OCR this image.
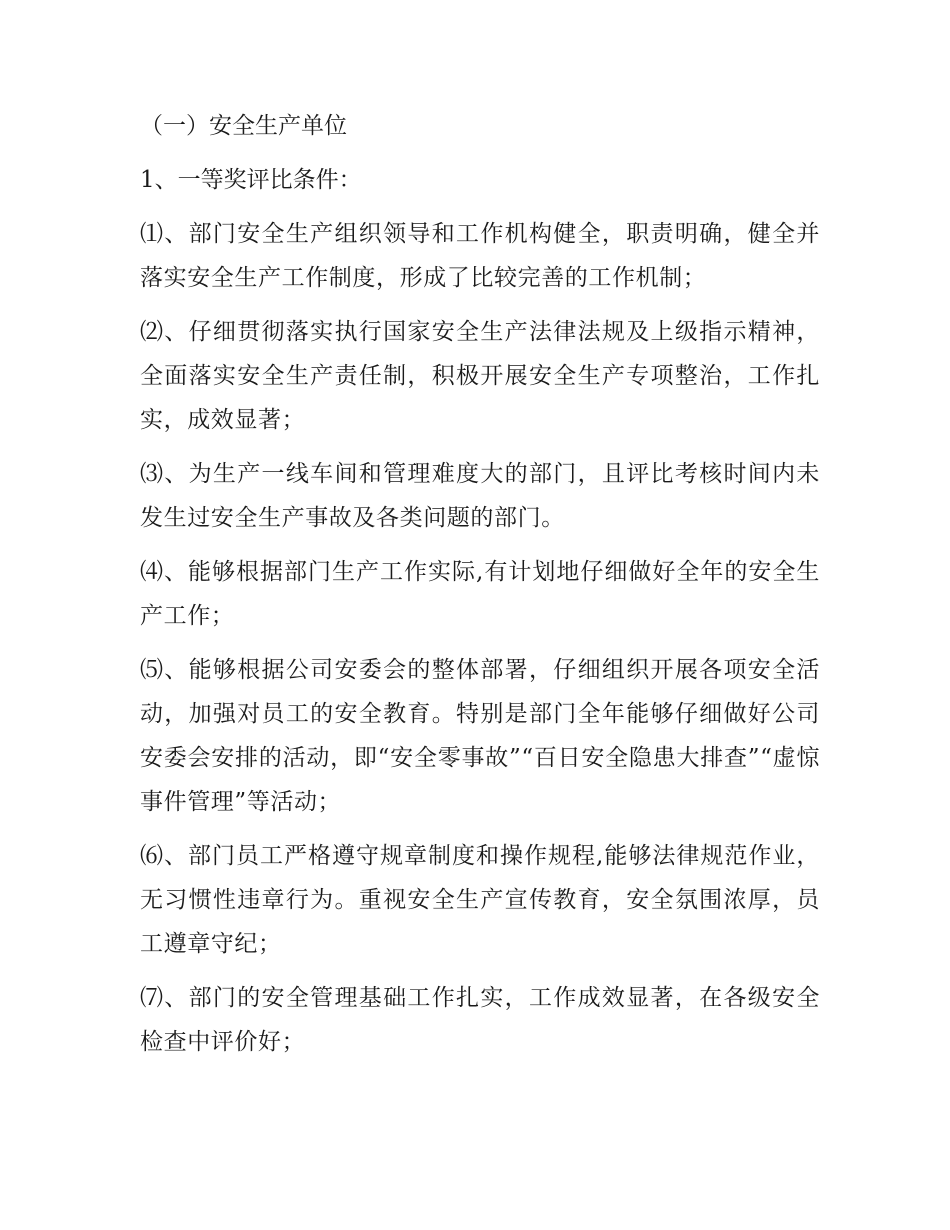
（一）安全生产单位

1、一等奖评比条件：

⑴、部门安全生产组织领导和工作机构健全，职责明确，健全并落实安全生产工作制度，形成了比较完善的工作机制；

⑵、仔细贯彻落实执行国家安全生产法律法规及上级指示精神，全面落实安全生产责任制，积极开展安全生产专项整治，工作扎实，成效显著；

⑶、为生产一线车间和管理难度大的部门，且评比考核时间内未发生过安全生产事故及各类问题的部门。

⑷、能够根据部门生产工作实际,有计划地仔细做好全年的安全生产工作；

⑸、能够根据公司安委会的整体部署，仔细组织开展各项安全活动，加强对员工的安全教育。特别是部门全年能够仔细做好公司安委会安排的活动，即“安全零事故”“百日安全隐患大排查”“虚惊事件管理”等活动；

⑹、部门员工严格遵守规章制度和操作规程,能够法律规范作业，无习惯性违章行为。重视安全生产宣传教育，安全氛围浓厚，员工遵章守纪；

⑺、部门的安全管理基础工作扎实，工作成效显著，在各级安全检查中评价好；
